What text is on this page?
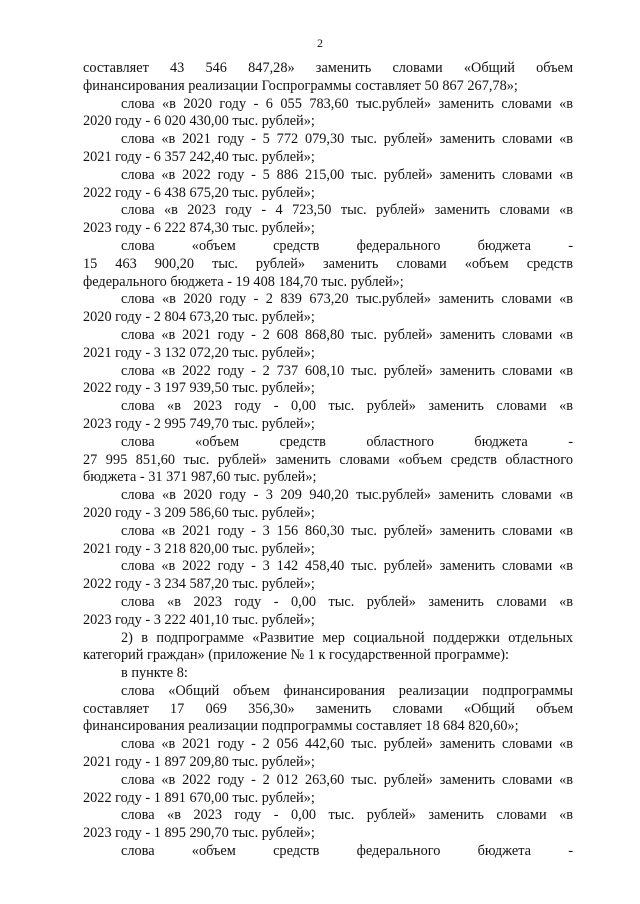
2
составляет 43 546 847,28» заменить словами «Общий объем
финансирования реализации Госпрограммы составляет 50 867 267,78»;
слова «в 2020 году - 6 055 783,60 тыс.рублей» заменить словами «в
2020 году - 6 020 430,00 тыс. рублей»;
слова «в 2021 году - 5 772 079,30 тыс. рублей» заменить словами «в
2021 году - 6 357 242,40 тыс. рублей»;
слова «в 2022 году - 5 886 215,00 тыс. рублей» заменить словами «в
2022 году - 6 438 675,20 тыс. рублей»;
слова «в 2023 году - 4 723,50 тыс. рублей» заменить словами «в
2023 году - 6 222 874,30 тыс. рублей»;
слова «объем средств федерального бюджета -
15 463 900,20 тыс. рублей» заменить словами «объем средств
федерального бюджета - 19 408 184,70 тыс. рублей»;
слова «в 2020 году - 2 839 673,20 тыс.рублей» заменить словами «в
2020 году - 2 804 673,20 тыс. рублей»;
слова «в 2021 году - 2 608 868,80 тыс. рублей» заменить словами «в
2021 году - 3 132 072,20 тыс. рублей»;
слова «в 2022 году - 2 737 608,10 тыс. рублей» заменить словами «в
2022 году - 3 197 939,50 тыс. рублей»;
слова «в 2023 году - 0,00 тыс. рублей» заменить словами «в
2023 году - 2 995 749,70 тыс. рублей»;
слова «объем средств областного бюджета -
27 995 851,60 тыс. рублей» заменить словами «объем средств областного
бюджета - 31 371 987,60 тыс. рублей»;
слова «в 2020 году - 3 209 940,20 тыс.рублей» заменить словами «в
2020 году - 3 209 586,60 тыс. рублей»;
слова «в 2021 году - 3 156 860,30 тыс. рублей» заменить словами «в
2021 году - 3 218 820,00 тыс. рублей»;
слова «в 2022 году - 3 142 458,40 тыс. рублей» заменить словами «в
2022 году - 3 234 587,20 тыс. рублей»;
слова «в 2023 году - 0,00 тыс. рублей» заменить словами «в
2023 году - 3 222 401,10 тыс. рублей»;
2) в подпрограмме «Развитие мер социальной поддержки отдельных
категорий граждан» (приложение № 1 к государственной программе):
в пункте 8:
слова «Общий объем финансирования реализации подпрограммы
составляет 17 069 356,30» заменить словами «Общий объем
финансирования реализации подпрограммы составляет 18 684 820,60»;
слова «в 2021 году - 2 056 442,60 тыс. рублей» заменить словами «в
2021 году - 1 897 209,80 тыс. рублей»;
слова «в 2022 году - 2 012 263,60 тыс. рублей» заменить словами «в
2022 году - 1 891 670,00 тыс. рублей»;
слова «в 2023 году - 0,00 тыс. рублей» заменить словами «в
2023 году - 1 895 290,70 тыс. рублей»;
слова «объем средств федерального бюджета -
